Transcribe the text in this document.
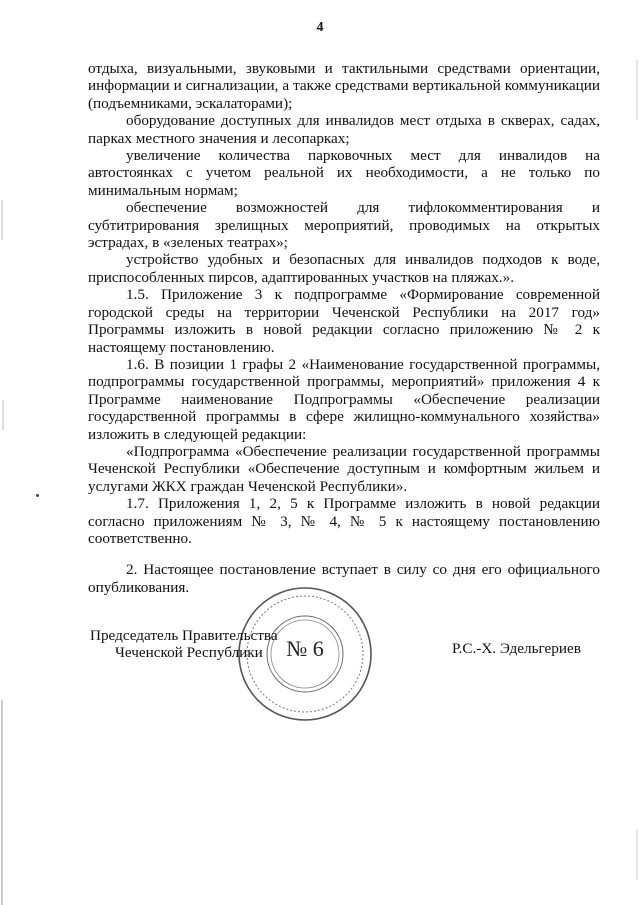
4

отдыха, визуальными, звуковыми и тактильными средствами ориентации, информации и сигнализации, а также средствами вертикальной коммуникации (подъемниками, эскалаторами);

оборудование доступных для инвалидов мест отдыха в скверах, садах, парках местного значения и лесопарках;

увеличение количества парковочных мест для инвалидов на автостоянках с учетом реальной их необходимости, а не только по минимальным нормам;

обеспечение возможностей для тифлокомментирования и субтитрирования зрелищных мероприятий, проводимых на открытых эстрадах, в «зеленых театрах»;

устройство удобных и безопасных для инвалидов подходов к воде, приспособленных пирсов, адаптированных участков на пляжах.».

1.5. Приложение 3 к подпрограмме «Формирование современной городской среды на территории Чеченской Республики на 2017 год» Программы изложить в новой редакции согласно приложению № 2 к настоящему постановлению.

1.6. В позиции 1 графы 2 «Наименование государственной программы, подпрограммы государственной программы, мероприятий» приложения 4 к Программе наименование Подпрограммы «Обеспечение реализации государственной программы в сфере жилищно-коммунального хозяйства» изложить в следующей редакции:

«Подпрограмма «Обеспечение реализации государственной программы Чеченской Республики «Обеспечение доступным и комфортным жильем и услугами ЖКХ граждан Чеченской Республики».

1.7. Приложения 1, 2, 5 к Программе изложить в новой редакции согласно приложениям № 3, № 4, № 5 к настоящему постановлению соответственно.

2. Настоящее постановление вступает в силу со дня его официального опубликования.

№ 6
Председатель Правительства
Чеченской Республики	Р.С.-Х. Эдельгериев
